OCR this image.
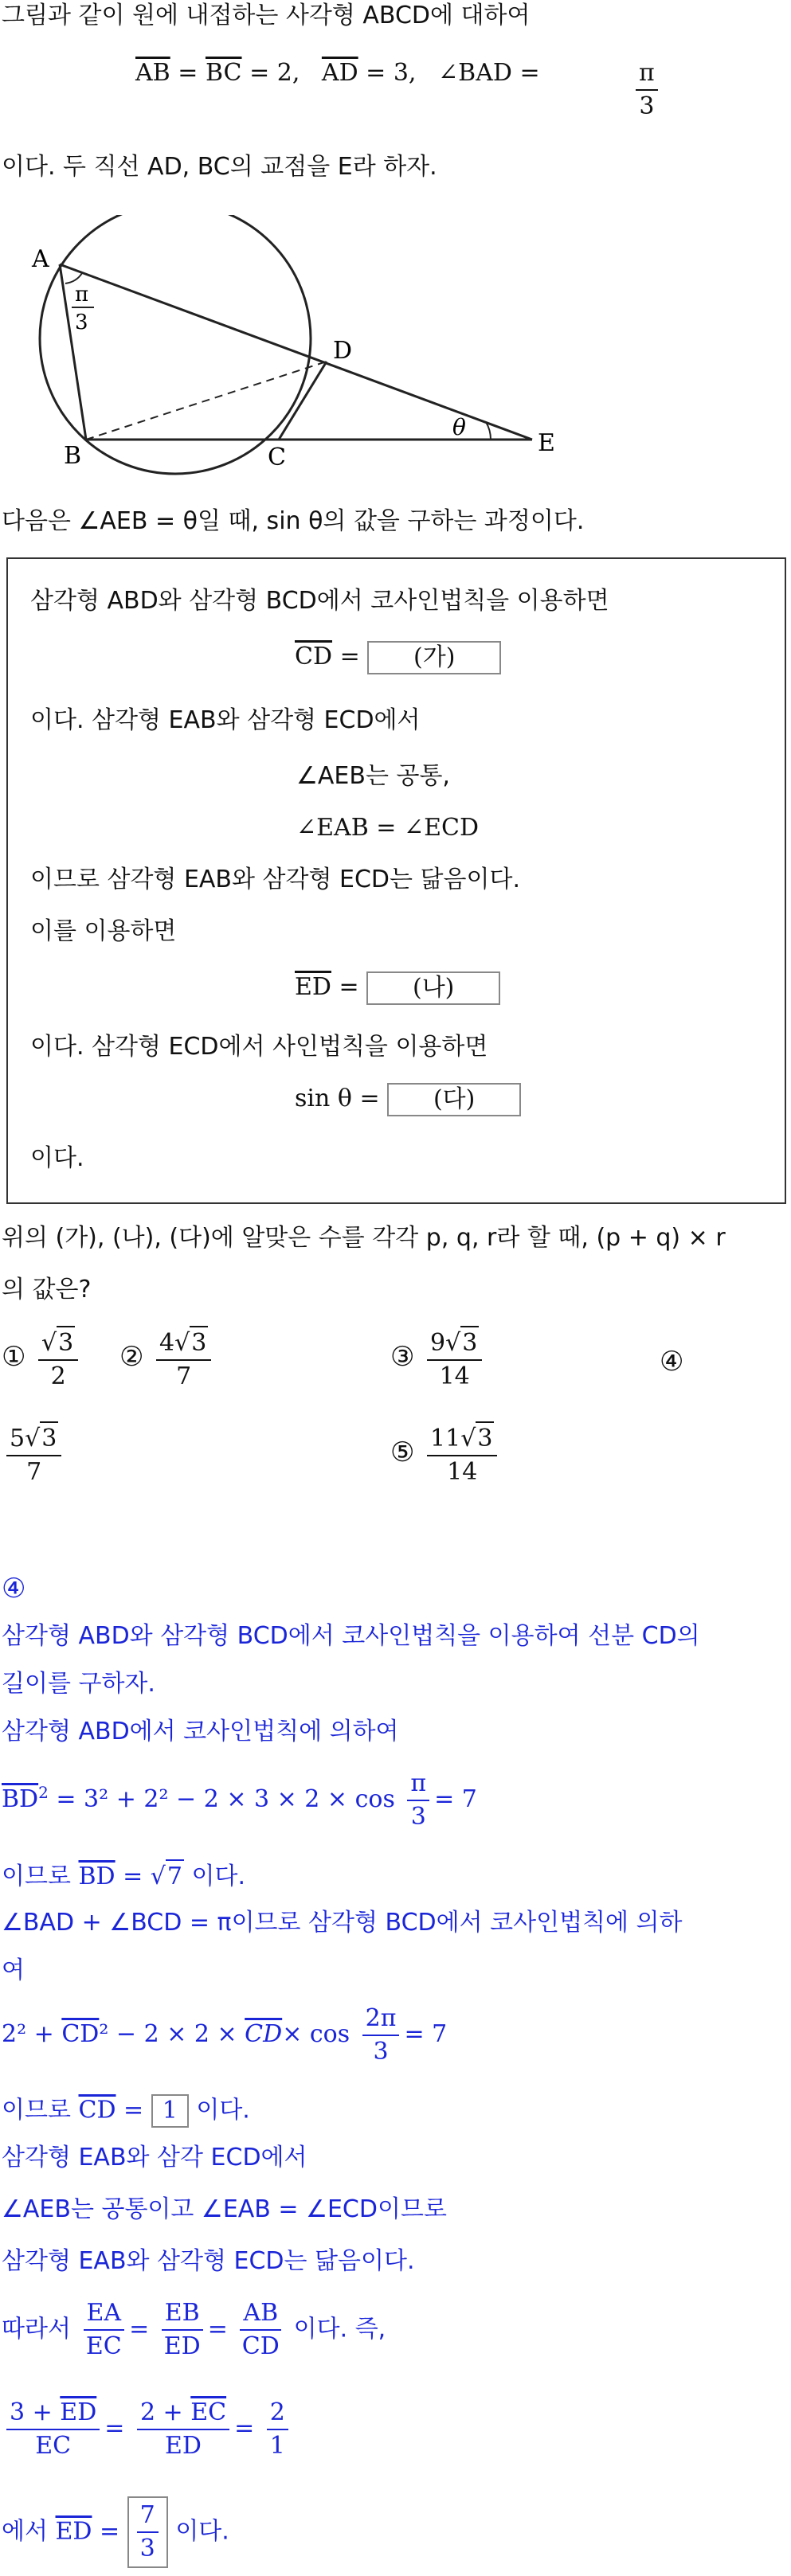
그림과 같이 원에 내접하는 사각형 ABCD에 대하여
$\overline{AB} = \overline{BC} = 2$, $\overline{AD} = 3$, ∠BAD =	$\frac{\pi}{3}$
이다. 두 직선 AD, BC의 교점을 E라 하자.
A
B	C
D
E
π
3
θ
다음은 ∠AEB = θ일 때, sin θ의 값을 구하는 과정이다.
삼각형 ABD와 삼각형 BCD에서 코사인법칙을 이용하면
$\overline{CD}$ = (가)
이다. 삼각형 EAB와 삼각형 ECD에서
∠AEB는 공통,
∠EAB = ∠ECD
이므로 삼각형 EAB와 삼각형 ECD는 닮음이다.
이를 이용하면
$\overline{ED}$ = (나)
이다. 삼각형 ECD에서 사인법칙을 이용하면
sin θ = (다)
이다.
위의 (가), (나), (다)에 알맞은 수를 각각 p, q, r라 할 때, (p + q) × r
의 값은?
① $\frac{√3}{2}$ ② $\frac{4√3}{7}$	③ $\frac{9√3}{14}$	④
$\frac{5√3}{7}$	⑤ $\frac{11√3}{14}$
④
삼각형 ABD와 삼각형 BCD에서 코사인법칙을 이용하여 선분 CD의
길이를 구하자.
삼각형 ABD에서 코사인법칙에 의하여
$\overline{BD}^2 = 3^2 + 2^2 - 2 \times 3 \times 2 \times \cos \frac{\pi}{3} = 7$
이므로 $\overline{BD} = √7$ 이다.
∠BAD + ∠BCD = π이므로 삼각형 BCD에서 코사인법칙에 의하
여
$2^2 + \overline{CD}^2 - 2 \times 2 \times \overline{CD}\times \cos \frac{2\pi}{3} = 7$
이므로 $\overline{CD} = 1$ 이다.
삼각형 EAB와 삼각 ECD에서
∠AEB는 공통이고 ∠EAB = ∠ECD이므로
삼각형 EAB와 삼각형 ECD는 닮음이다.
따라서 $\frac{EA}{EC} = \frac{EB}{ED} = \frac{AB}{CD}$ 이다. 즉,
$\frac{3 + \overline{ED}}{EC} = \frac{2 + \overline{EC}}{ED} = \frac{2}{1}$
에서 $\overline{ED} = \frac{7}{3}$ 이다.
